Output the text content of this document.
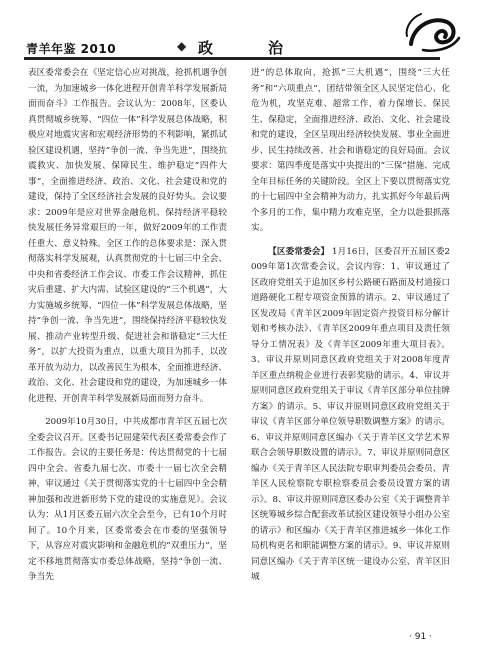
青羊年鉴 2010	◆ 政	治

表区委常委会在《坚定信心应对挑战，抢抓机遇争创一流，为加速城乡一体化进程开创青羊科学发展新局面而奋斗》工作报告。会议认为：2008年，区委认真贯彻城乡统筹、“四位一体”科学发展总体战略，积极应对地震灾害和宏观经济形势的不利影响，紧抓试验区建设机遇，坚持“争创一流、争当先进”，围绕抗震救灾、加快发展、保障民生、维护稳定“四件大事”，全面推进经济、政治、文化、社会建设和党的建设，保持了全区经济社会发展的良好势头。会议要求：2009年是应对世界金融危机、保持经济平稳较快发展任务异常艰巨的一年，做好2009年的工作责任重大、意义特殊。全区工作的总体要求是：深入贯彻落实科学发展观，认真贯彻党的十七届三中全会、中央和省委经济工作会议、市委工作会议精神，抓住灾后重建、扩大内需、试验区建设的“三个机遇”，大力实施城乡统筹、“四位一体”科学发展总体战略，坚持“争创一流、争当先进”，围绕保持经济平稳较快发展、推动产业转型升级、促进社会和谐稳定“三大任务”，以扩大投资为重点，以重大项目为抓手，以改革开放为动力，以改善民生为根本，全面推进经济、政治、文化、社会建设和党的建设，为加速城乡一体化进程、开创青羊科学发展新局面而努力奋斗。

2009年10月30日，中共成都市青羊区五届七次全委会议召开。区委书记屈建荣代表区委常委会作了工作报告。会议的主要任务是：传达贯彻党的十七届四中全会、省委九届七次、市委十一届七次全会精神，审议通过《关于贯彻落实党的十七届四中全会精神加强和改进新形势下党的建设的实施意见》。会议认为：从1月区委五届六次全会至今，已有10个月时间了。10个月来，区委常委会在市委的坚强领导下，从容应对震灾影响和金融危机的“双重压力”，坚定不移地贯彻落实市委总体战略，坚持“争创一流、争当先

进”的总体取向，抢抓“三大机遇”，围绕“三大任务”和“六项重点”，团结带领全区人民坚定信心、化危为机，攻坚克难、超常工作，着力保增长、保民生、保稳定，全面推进经济、政治、文化、社会建设和党的建设，全区呈现出经济较快发展、事业全面进步、民生持续改善、社会和谐稳定的良好局面。会议要求：第四季度是落实中央提出的“三保”措施、完成全年目标任务的关键阶段。全区上下要以贯彻落实党的十七届四中全会精神为动力，扎实抓好今年最后两个多月的工作，集中精力攻难克坚，全力以赴狠抓落实。

【区委常委会】 1月16日，区委召开五届区委2009年第1次常委会议，会议内容：1、审议通过了区政府党组关于追加区乡村公路硬石路面及村道接口道路硬化工程专项资金预算的请示。2、审议通过了区发改局《青羊区2009年固定资产投资目标分解计划和考核办法》、《青羊区2009年重点项目及责任领导分工情况表》及《青羊区2009年重大项目表》。3、审议并原则同意区政府党组关于对2008年度青羊区重点纳税企业进行表彰奖励的请示。4、审议并原则同意区政府党组关于审议《青羊区部分单位挂牌方案》的请示。5、审议并原则同意区政府党组关于审议《青羊区部分单位领导职数调整方案》的请示。6、审议并原则同意区编办《关于青羊区文学艺术界联合会领导职数设置的请示》。7、审议并原则同意区编办《关于青羊区人民法院专职审判委员会委员、青羊区人民检察院专职检察委员会委员设置方案的请示》。8、审议并原则同意区委办公室《关于调整青羊区统筹城乡综合配套改革试验区建设领导小组办公室的请示》和区编办《关于青羊区推进城乡一体化工作局机构更名和职能调整方案的请示》。9、审议并原则同意区编办《关于青羊区统一建设办公室、青羊区旧城

· 91 ·
